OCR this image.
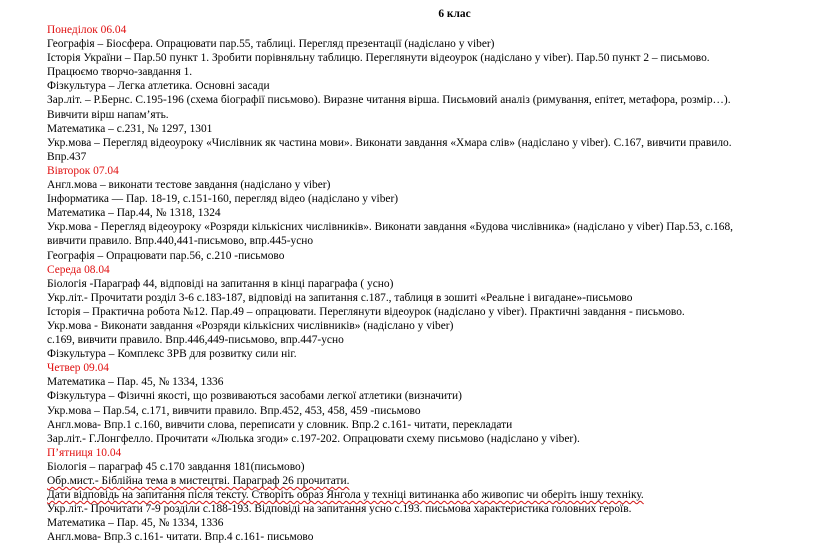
6 клас
Понеділок 06.04
Географія – Біосфера. Опрацювати пар.55, таблиці. Перегляд презентації (надіслано у viber)
Історія України – Пар.50 пункт 1. Зробити порівняльну таблицю. Переглянути відеоурок (надіслано у viber). Пар.50 пункт 2 – письмово.
Працюємо творчо-завдання 1.
Фізкультура – Легка атлетика. Основні засади
Зар.літ. – Р.Бернс. С.195-196 (схема біографії письмово). Виразне читання вірша. Письмовий аналіз (римування, епітет, метафора, розмір…).
Вивчити вірш напам’ять.
Математика – с.231, № 1297, 1301
Укр.мова – Перегляд відеоуроку «Числівник як частина мови». Виконати завдання «Хмара слів» (надіслано у viber). С.167, вивчити правило.
Впр.437
Вівторок 07.04
Англ.мова – виконати тестове завдання (надіслано у viber)
Інформатика –– Пар. 18-19, с.151-160, перегляд відео (надіслано у viber)
Математика – Пар.44, № 1318, 1324
Укр.мова - Перегляд відеоуроку «Розряди кількісних числівників». Виконати завдання «Будова числівника» (надіслано у viber) Пар.53, с.168,
вивчити правило. Впр.440,441-письмово, впр.445-усно
Географія – Опрацювати пар.56, с.210 -письмово
Середа 08.04
Біологія -Параграф 44, відповіді на запитання в кінці параграфа ( усно)
Укр.літ.- Прочитати розділ 3-6 с.183-187, відповіді на запитання с.187., таблиця в зошиті «Реальне і вигадане»-письмово
Історія – Практична робота №12. Пар.49 – опрацювати. Переглянути відеоурок (надіслано у viber). Практичні завдання - письмово.
Укр.мова - Виконати завдання «Розряди кількісних числівників» (надіслано у viber)
с.169, вивчити правило. Впр.446,449-письмово, впр.447-усно
Фізкультура – Комплекс ЗРВ для розвитку сили ніг.
Четвер 09.04
Математика – Пар. 45, № 1334, 1336
Фізкультура – Фізичні якості, що розвиваються засобами легкої атлетики (визначити)
Укр.мова – Пар.54, с.171, вивчити правило. Впр.452, 453, 458, 459 -письмово
Англ.мова- Впр.1 с.160, вивчити слова, переписати у словник. Впр.2 с.161- читати, перекладати
Зар.літ.- Г.Лонгфелло. Прочитати «Люлька згоди» с.197-202. Опрацювати схему письмово (надіслано у viber).
П’ятниця 10.04
Біологія – параграф 45 с.170 завдання 181(письмово)
Обр.мист.- Біблійна тема в мистецтві. Параграф 26 прочитати.
Дати відповідь на запитання після тексту. Створіть образ Янгола у техніці витинанка або живопис чи оберіть іншу техніку.
Укр.літ.- Прочитати 7-9 розділи с.188-193. Відповіді на запитання усно с.193. письмова характеристика головних героїв.
Математика – Пар. 45, № 1334, 1336
Англ.мова- Впр.3 с.161- читати. Впр.4 с.161- письмово
